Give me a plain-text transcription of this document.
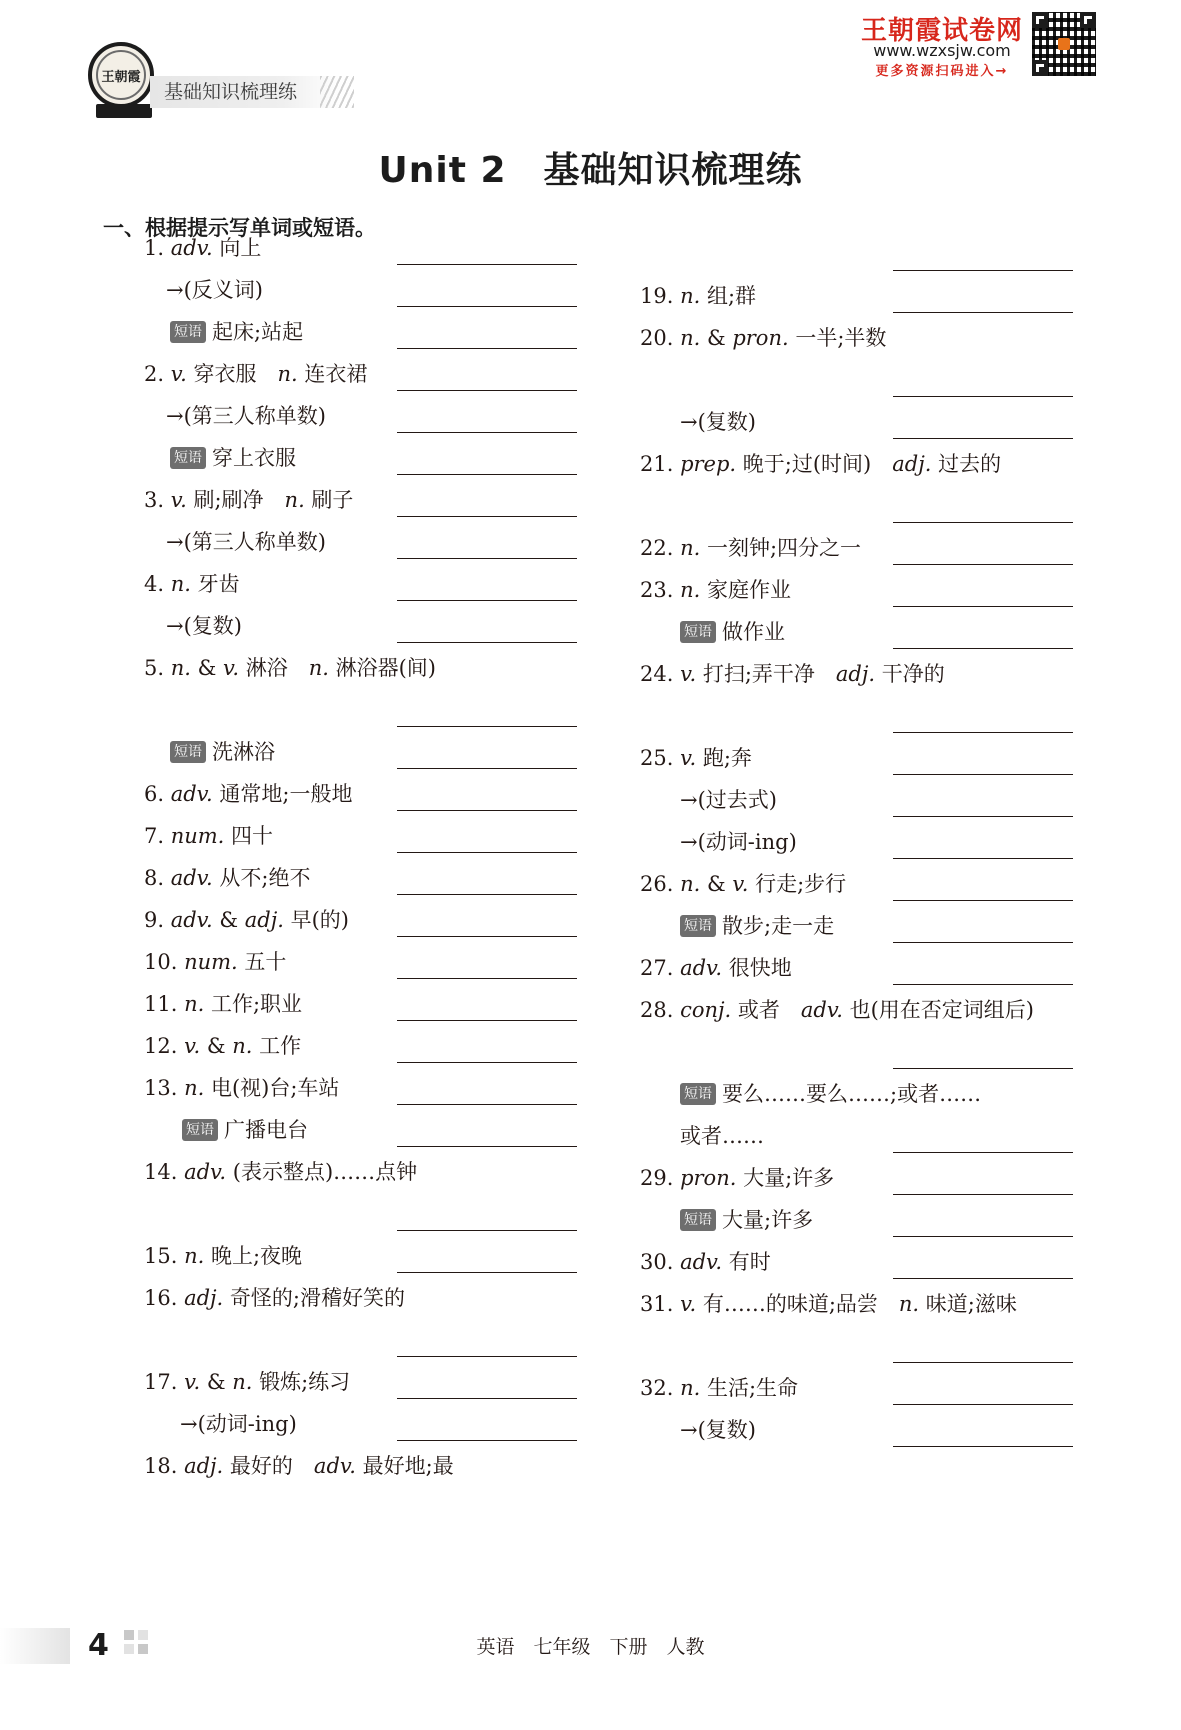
王朝霞
基础知识梳理练
王朝霞试卷网
www.wzxsjw.com
更多资源扫码进入→
Unit 2　基础知识梳理练
一、根据提示写单词或短语。
1. adv. 向上
→(反义词)
短语 起床;站起
2. v. 穿衣服　n. 连衣裙
→(第三人称单数)
短语 穿上衣服
3. v. 刷;刷净　n. 刷子
→(第三人称单数)
4. n. 牙齿
→(复数)
5. n. & v. 淋浴　n. 淋浴器(间)
短语 洗淋浴
6. adv. 通常地;一般地
7. num. 四十
8. adv. 从不;绝不
9. adv. & adj. 早(的)
10. num. 五十
11. n. 工作;职业
12. v. & n. 工作
13. n. 电(视)台;车站
短语 广播电台
14. adv. (表示整点)……点钟
15. n. 晚上;夜晚
16. adj. 奇怪的;滑稽好笑的
17. v. & n. 锻炼;练习
→(动词-ing)
18. adj. 最好的　adv. 最好地;最
19. n. 组;群
20. n. & pron. 一半;半数
→(复数)
21. prep. 晚于;过(时间)　adj. 过去的
22. n. 一刻钟;四分之一
23. n. 家庭作业
短语 做作业
24. v. 打扫;弄干净　adj. 干净的
25. v. 跑;奔
→(过去式)
→(动词-ing)
26. n. & v. 行走;步行
短语 散步;走一走
27. adv. 很快地
28. conj. 或者　adv. 也(用在否定词组后)
短语 要么……要么……;或者……
或者……
29. pron. 大量;许多
短语 大量;许多
30. adv. 有时
31. v. 有……的味道;品尝　n. 味道;滋味
32. n. 生活;生命
→(复数)
4	英语　七年级　下册　人教
